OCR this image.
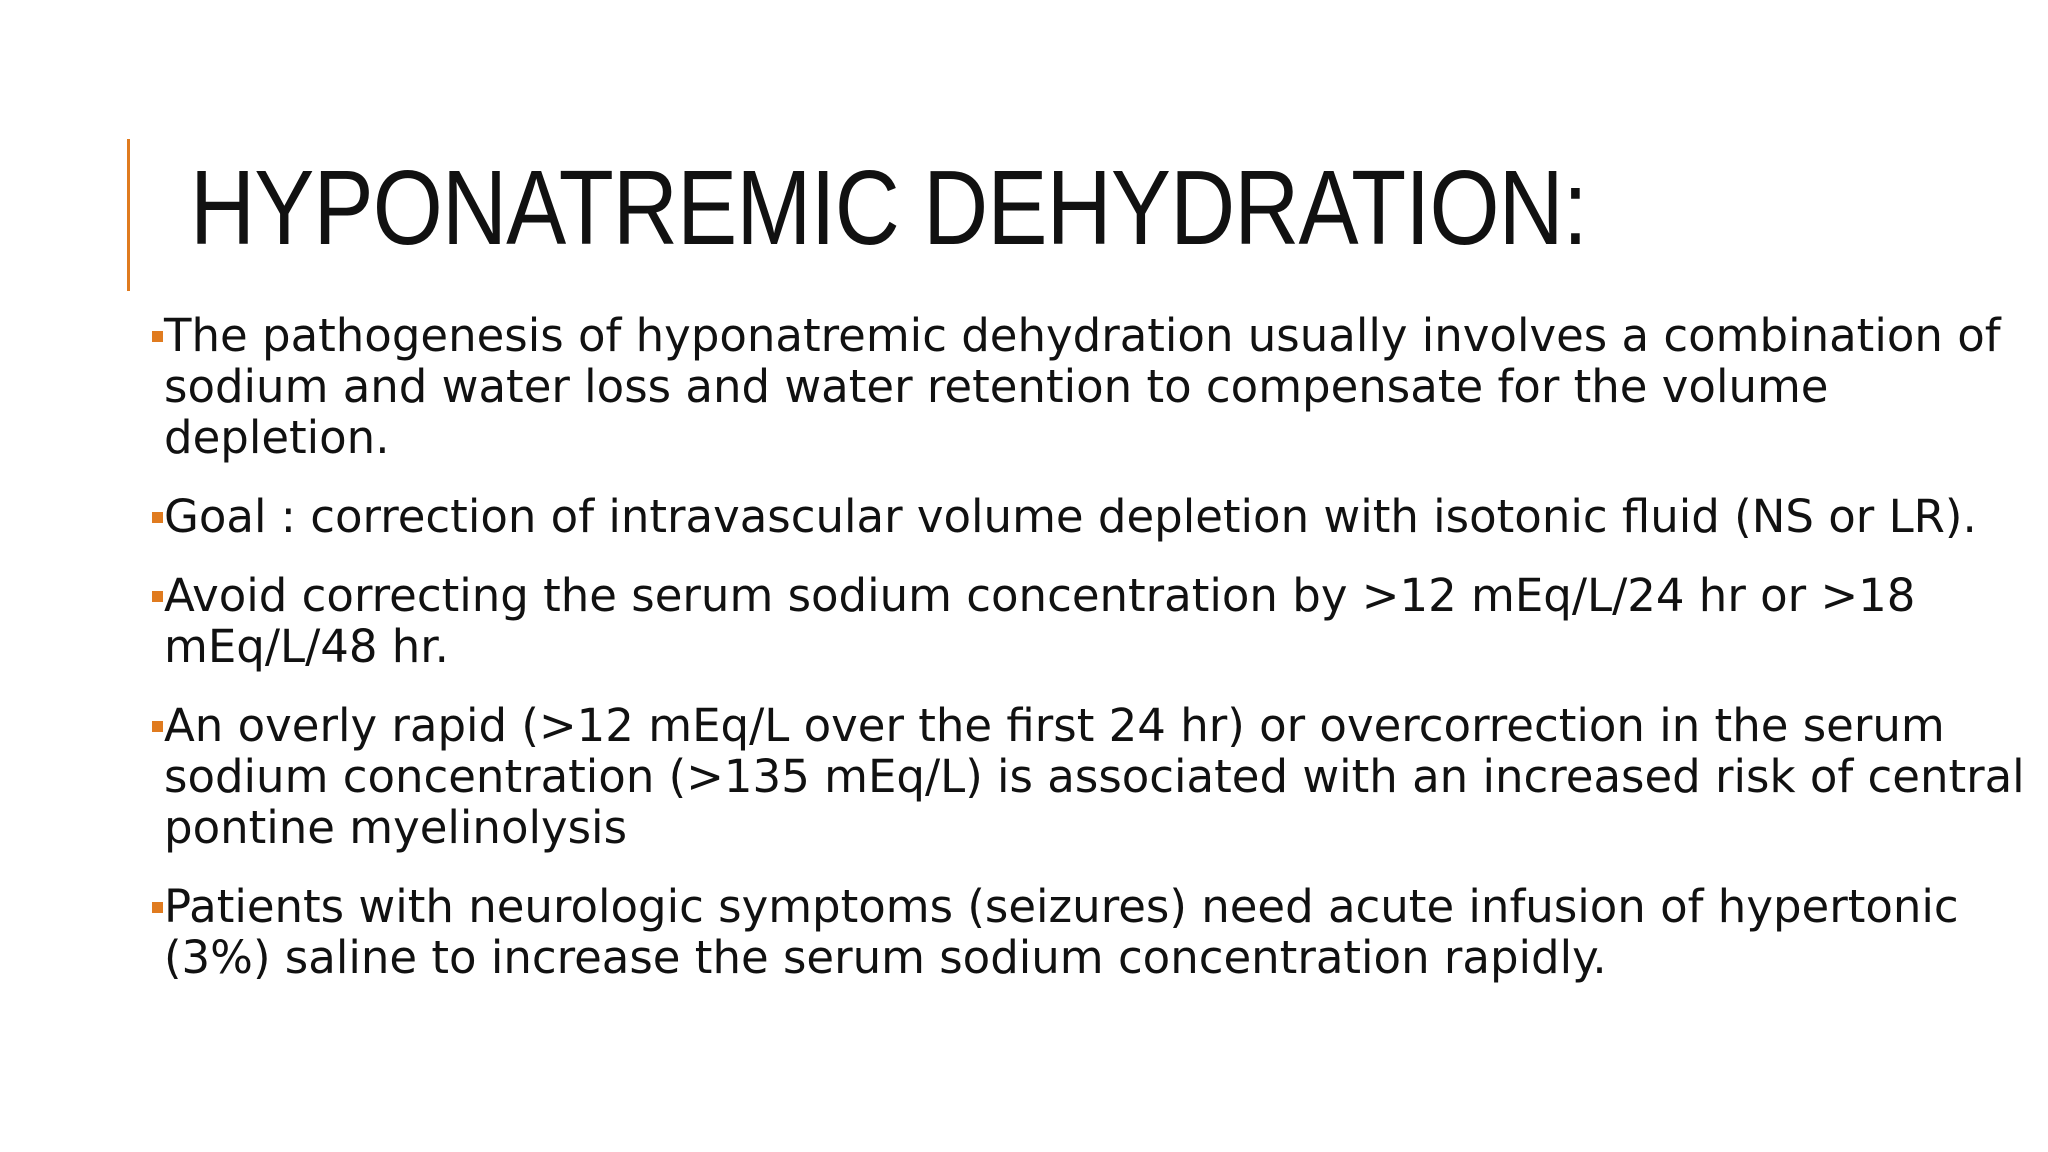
HYPONATREMIC DEHYDRATION:
The pathogenesis of hyponatremic dehydration usually involves a combination of sodium and water loss and water retention to compensate for the volume depletion.
Goal : correction of intravascular volume depletion with isotonic fluid (NS or LR).
Avoid correcting the serum sodium concentration by >12 mEq/L/24 hr or >18 mEq/L/48 hr.
An overly rapid (>12 mEq/L over the first 24 hr) or overcorrection in the serum sodium concentration (>135 mEq/L) is associated with an increased risk of central pontine myelinolysis
Patients with neurologic symptoms (seizures) need acute infusion of hypertonic (3%) saline to increase the serum sodium concentration rapidly.
